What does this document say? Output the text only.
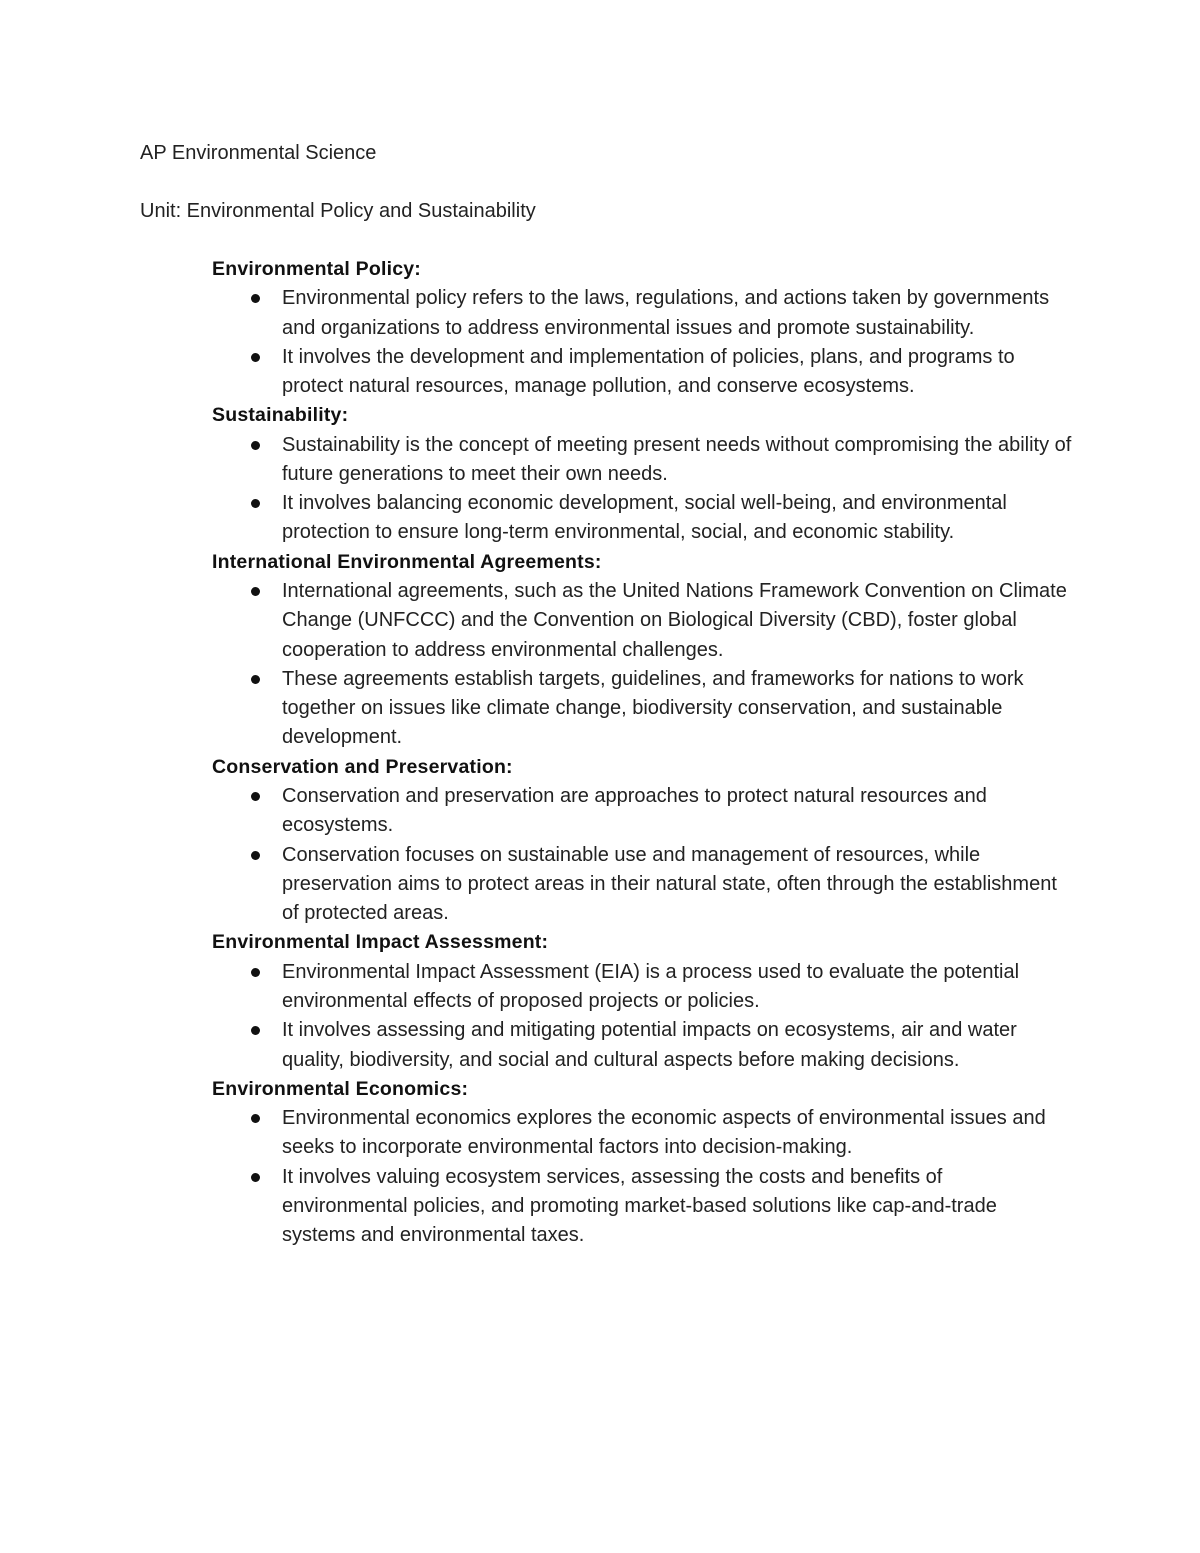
AP Environmental Science
Unit: Environmental Policy and Sustainability
Environmental Policy:
Environmental policy refers to the laws, regulations, and actions taken by governments and organizations to address environmental issues and promote sustainability.
It involves the development and implementation of policies, plans, and programs to protect natural resources, manage pollution, and conserve ecosystems.
Sustainability:
Sustainability is the concept of meeting present needs without compromising the ability of future generations to meet their own needs.
It involves balancing economic development, social well-being, and environmental protection to ensure long-term environmental, social, and economic stability.
International Environmental Agreements:
International agreements, such as the United Nations Framework Convention on Climate Change (UNFCCC) and the Convention on Biological Diversity (CBD), foster global cooperation to address environmental challenges.
These agreements establish targets, guidelines, and frameworks for nations to work together on issues like climate change, biodiversity conservation, and sustainable development.
Conservation and Preservation:
Conservation and preservation are approaches to protect natural resources and ecosystems.
Conservation focuses on sustainable use and management of resources, while preservation aims to protect areas in their natural state, often through the establishment of protected areas.
Environmental Impact Assessment:
Environmental Impact Assessment (EIA) is a process used to evaluate the potential environmental effects of proposed projects or policies.
It involves assessing and mitigating potential impacts on ecosystems, air and water quality, biodiversity, and social and cultural aspects before making decisions.
Environmental Economics:
Environmental economics explores the economic aspects of environmental issues and seeks to incorporate environmental factors into decision-making.
It involves valuing ecosystem services, assessing the costs and benefits of environmental policies, and promoting market-based solutions like cap-and-trade systems and environmental taxes.
